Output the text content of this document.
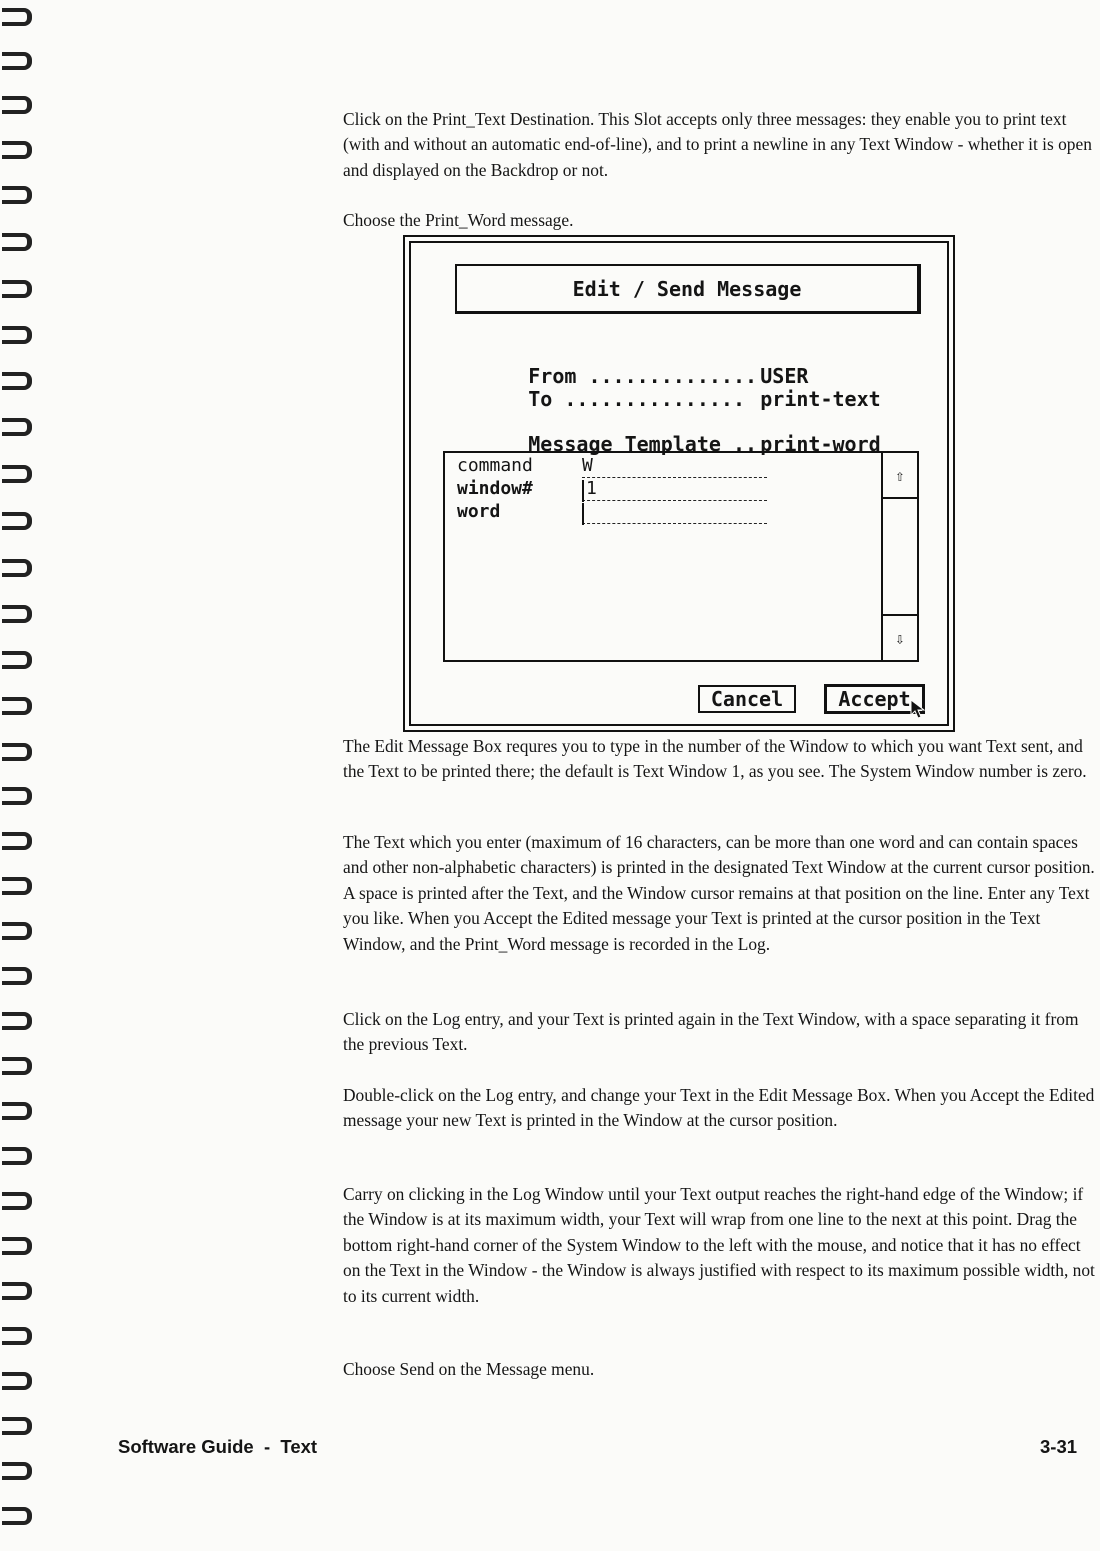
Click on the Print_Text Destination. This Slot accepts only three messages: they enable you to print text (with and without an automatic end-of-line), and to print a newline in any Text Window - whether it is open and displayed on the Backdrop or not.

Choose the Print_Word message.

Edit / Send Message

From .............. USER

To ............... print-text

Message Template .. print-word

command	W
window#	1
word
⇧
⇩
Cancel	Accept

The Edit Message Box requres you to type in the number of the Window to which you want Text sent, and the Text to be printed there; the default is Text Window 1, as you see. The System Window number is zero.

The Text which you enter (maximum of 16 characters, can be more than one word and can contain spaces and other non-alphabetic characters) is printed in the designated Text Window at the current cursor position. A space is printed after the Text, and the Window cursor remains at that position on the line. Enter any Text you like. When you Accept the Edited message your Text is printed at the cursor position in the Text Window, and the Print_Word message is recorded in the Log.

Click on the Log entry, and your Text is printed again in the Text Window, with a space separating it from the previous Text.

Double-click on the Log entry, and change your Text in the Edit Message Box. When you Accept the Edited message your new Text is printed in the Window at the cursor position.

Carry on clicking in the Log Window until your Text output reaches the right-hand edge of the Window; if the Window is at its maximum width, your Text will wrap from one line to the next at this point. Drag the bottom right-hand corner of the System Window to the left with the mouse, and notice that it has no effect on the Text in the Window - the Window is always justified with respect to its maximum possible width, not to its current width.

Choose Send on the Message menu.

Software Guide  -  Text	3-31
